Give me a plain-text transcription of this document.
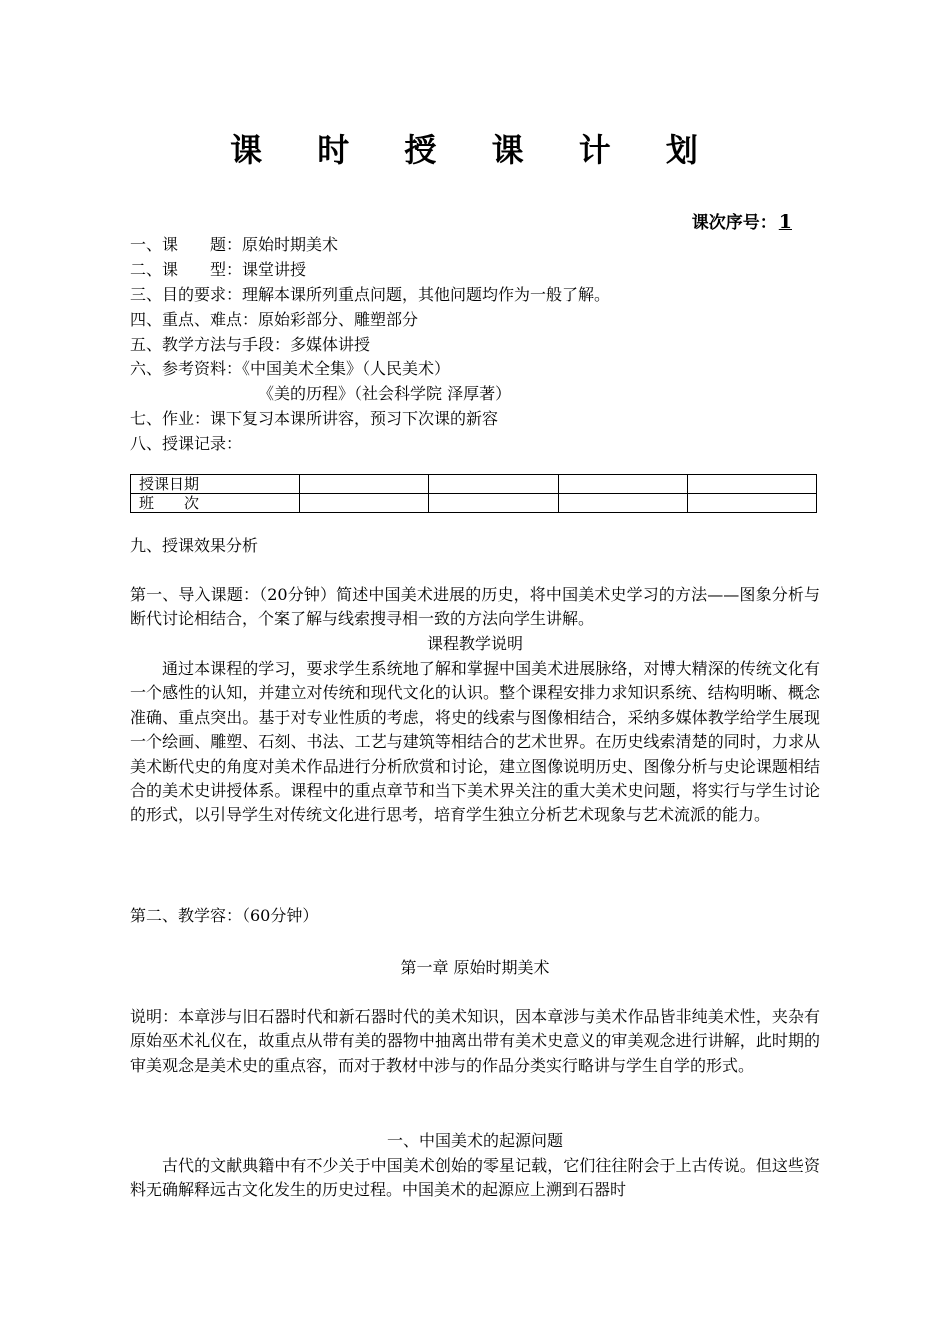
课 时 授 课 计 划
课次序号： 1
一、课　　题：原始时期美术
二、课　　型：课堂讲授
三、目的要求：理解本课所列重点问题，其他问题均作为一般了解。
四、重点、难点：原始彩部分、雕塑部分
五、教学方法与手段：多媒体讲授
六、参考资料：《中国美术全集》（人民美术）
《美的历程》（社会科学院 泽厚著）
七、作业：课下复习本课所讲容，预习下次课的新容
八、授课记录：
授课日期				
班　　次				
九、授课效果分析
第一、导入课题：（20分钟）简述中国美术进展的历史，将中国美术史学习的方法——图象分析与断代讨论相结合，个案了解与线索搜寻相一致的方法向学生讲解。
课程教学说明
通过本课程的学习，要求学生系统地了解和掌握中国美术进展脉络，对博大精深的传统文化有一个感性的认知，并建立对传统和现代文化的认识。整个课程安排力求知识系统、结构明晰、概念准确、重点突出。基于对专业性质的考虑，将史的线索与图像相结合，采纳多媒体教学给学生展现一个绘画、雕塑、石刻、书法、工艺与建筑等相结合的艺术世界。在历史线索清楚的同时，力求从美术断代史的角度对美术作品进行分析欣赏和讨论，建立图像说明历史、图像分析与史论课题相结合的美术史讲授体系。课程中的重点章节和当下美术界关注的重大美术史问题，将实行与学生讨论的形式，以引导学生对传统文化进行思考，培育学生独立分析艺术现象与艺术流派的能力。
第二、教学容：（60分钟）
第一章 原始时期美术
说明：本章涉与旧石器时代和新石器时代的美术知识，因本章涉与美术作品皆非纯美术性，夹杂有原始巫术礼仪在，故重点从带有美的器物中抽离出带有美术史意义的审美观念进行讲解，此时期的审美观念是美术史的重点容，而对于教材中涉与的作品分类实行略讲与学生自学的形式。
一、中国美术的起源问题
古代的文献典籍中有不少关于中国美术创始的零星记载，它们往往附会于上古传说。但这些资料无确解释远古文化发生的历史过程。中国美术的起源应上溯到石器时
